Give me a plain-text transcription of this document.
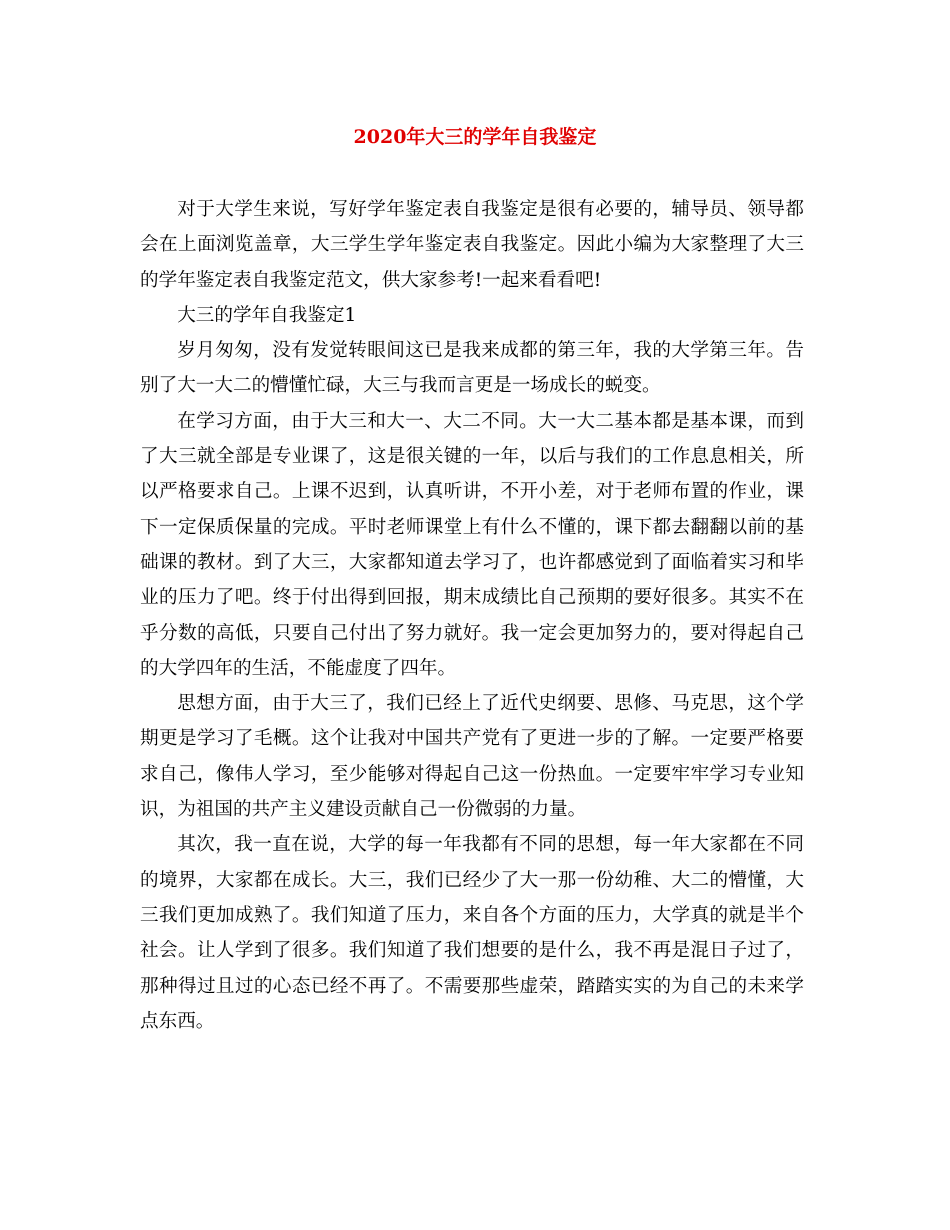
2020年大三的学年自我鉴定

对于大学生来说，写好学年鉴定表自我鉴定是很有必要的，辅导员、领导都会在上面浏览盖章，大三学生学年鉴定表自我鉴定。因此小编为大家整理了大三的学年鉴定表自我鉴定范文，供大家参考!一起来看看吧!

大三的学年自我鉴定1

岁月匆匆，没有发觉转眼间这已是我来成都的第三年，我的大学第三年。告别了大一大二的懵懂忙碌，大三与我而言更是一场成长的蜕变。

在学习方面，由于大三和大一、大二不同。大一大二基本都是基本课，而到了大三就全部是专业课了，这是很关键的一年，以后与我们的工作息息相关，所以严格要求自己。上课不迟到，认真听讲，不开小差，对于老师布置的作业，课下一定保质保量的完成。平时老师课堂上有什么不懂的，课下都去翻翻以前的基础课的教材。到了大三，大家都知道去学习了，也许都感觉到了面临着实习和毕业的压力了吧。终于付出得到回报，期末成绩比自己预期的要好很多。其实不在乎分数的高低，只要自己付出了努力就好。我一定会更加努力的，要对得起自己的大学四年的生活，不能虚度了四年。

思想方面，由于大三了，我们已经上了近代史纲要、思修、马克思，这个学期更是学习了毛概。这个让我对中国共产党有了更进一步的了解。一定要严格要求自己，像伟人学习，至少能够对得起自己这一份热血。一定要牢牢学习专业知识，为祖国的共产主义建设贡献自己一份微弱的力量。

其次，我一直在说，大学的每一年我都有不同的思想，每一年大家都在不同的境界，大家都在成长。大三，我们已经少了大一那一份幼稚、大二的懵懂，大三我们更加成熟了。我们知道了压力，来自各个方面的压力，大学真的就是半个社会。让人学到了很多。我们知道了我们想要的是什么，我不再是混日子过了，那种得过且过的心态已经不再了。不需要那些虚荣，踏踏实实的为自己的未来学点东西。
